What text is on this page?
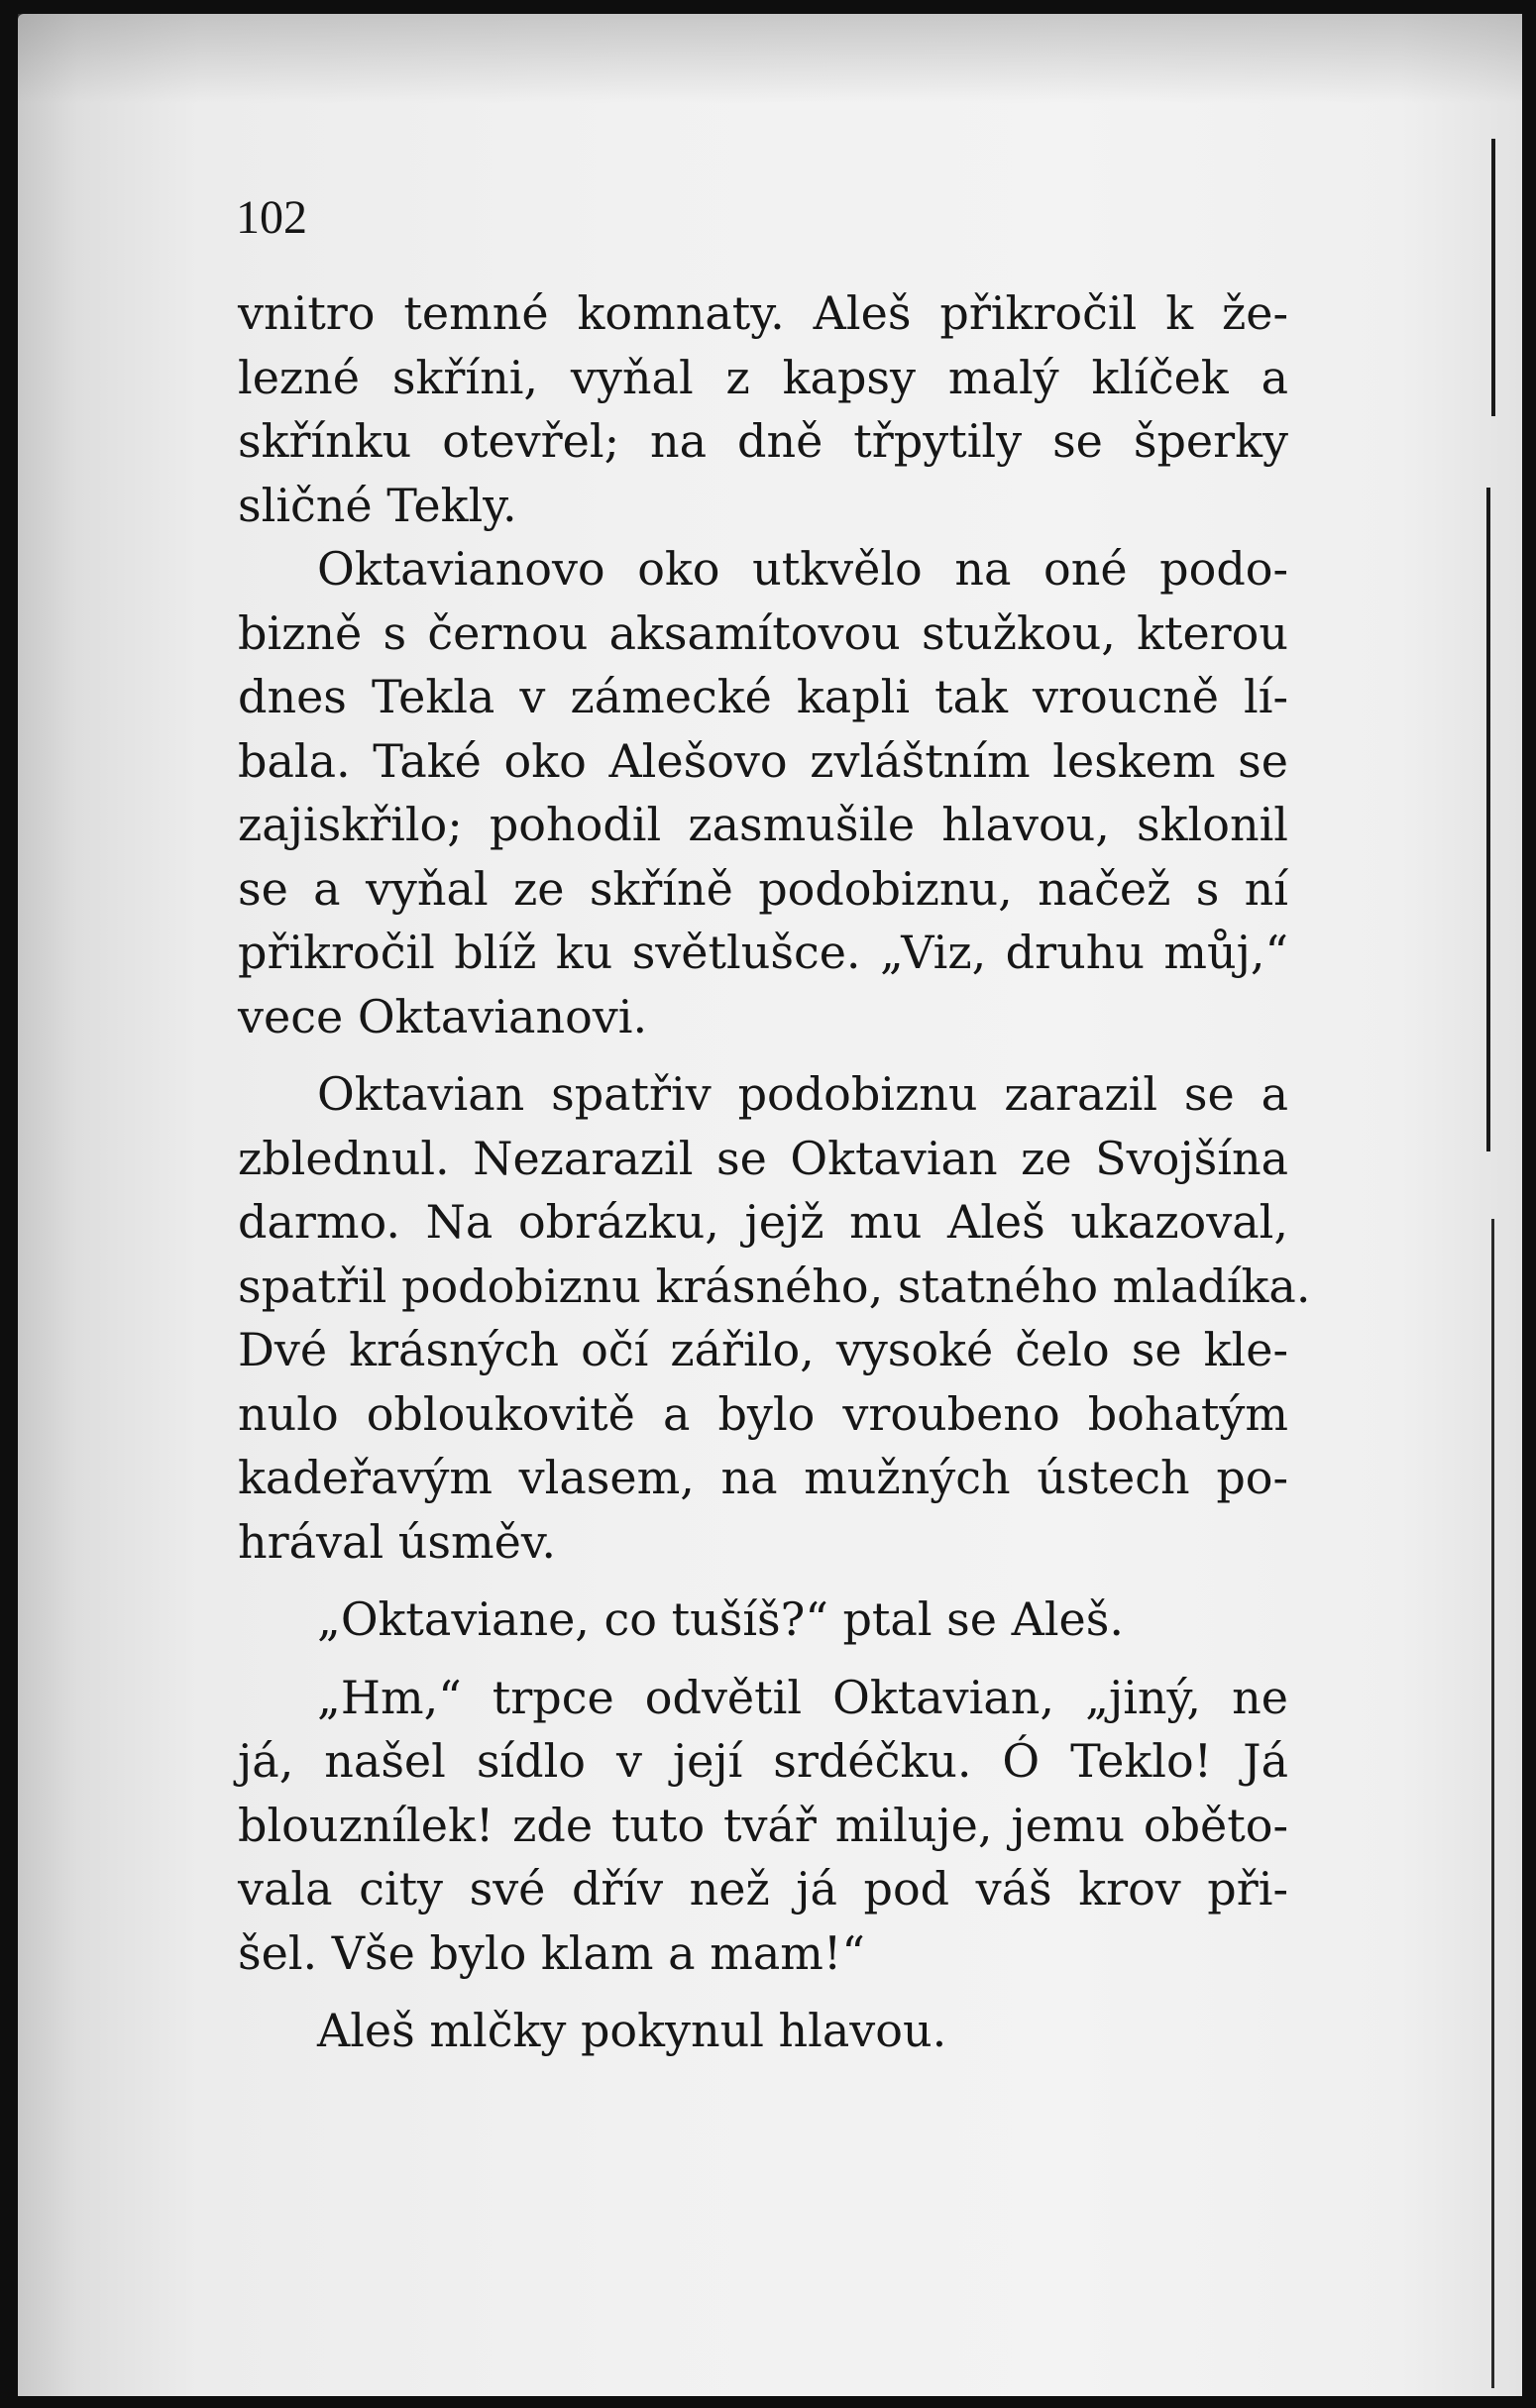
102
vnitro temné komnaty. Aleš přikročil k že-
lezné skříni, vyňal z kapsy malý klíček a
skřínku otevřel; na dně třpytily se šperky
sličné Tekly.
Oktavianovo oko utkvělo na oné podo-
bizně s černou aksamítovou stužkou, kterou
dnes Tekla v zámecké kapli tak vroucně lí-
bala. Také oko Alešovo zvláštním leskem se
zajiskřilo; pohodil zasmušile hlavou, sklonil
se a vyňal ze skříně podobiznu, načež s ní
přikročil blíž ku světlušce. „Viz, druhu můj,“
vece Oktavianovi.
Oktavian spatřiv podobiznu zarazil se a
zblednul. Nezarazil se Oktavian ze Svojšína
darmo. Na obrázku, jejž mu Aleš ukazoval,
spatřil podobiznu krásného, statného mladíka.
Dvé krásných očí zářilo, vysoké čelo se kle-
nulo obloukovitě a bylo vroubeno bohatým
kadeřavým vlasem, na mužných ústech po-
hrával úsměv.
„Oktaviane, co tušíš?“ ptal se Aleš.
„Hm,“ trpce odvětil Oktavian, „jiný, ne
já, našel sídlo v její srdéčku. Ó Teklo! Já
blouznílek! zde tuto tvář miluje, jemu oběto-
vala city své dřív než já pod váš krov při-
šel. Vše bylo klam a mam!“
Aleš mlčky pokynul hlavou.
